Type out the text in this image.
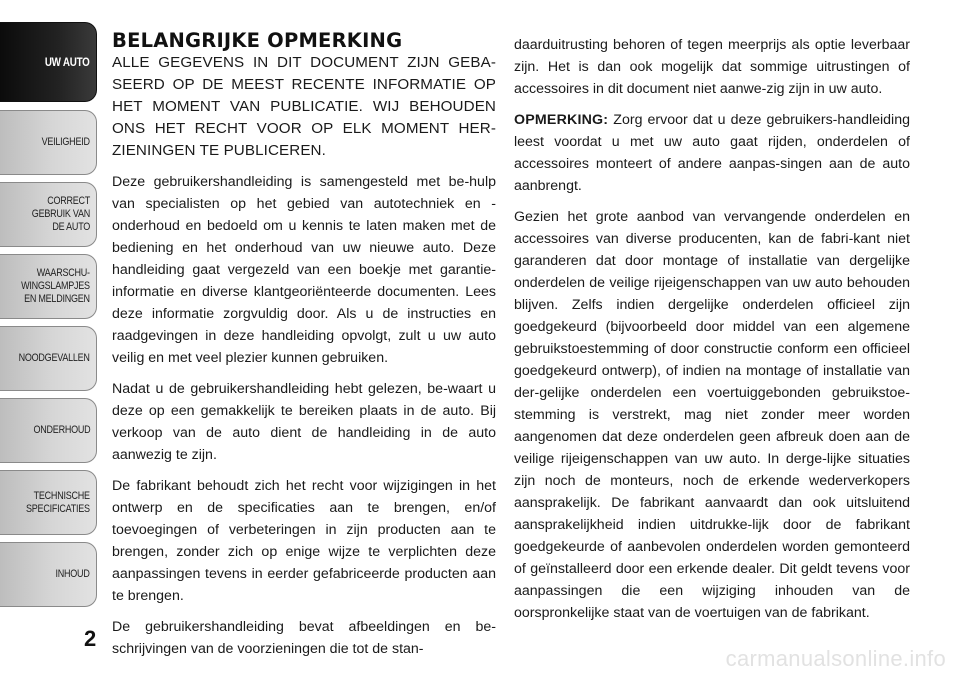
UW AUTO
VEILIGHEID
CORRECT
GEBRUIK VAN
DE AUTO
WAARSCHU-
WINGSLAMPJES
EN MELDINGEN
NOODGEVALLEN
ONDERHOUD
TECHNISCHE
SPECIFICATIES
INHOUD
2
BELANGRIJKE OPMERKING

ALLE GEGEVENS IN DIT DOCUMENT ZIJN GEBA-SEERD OP DE MEEST RECENTE INFORMATIE OP HET MOMENT VAN PUBLICATIE. WIJ BEHOUDEN ONS HET RECHT VOOR OP ELK MOMENT HER-ZIENINGEN TE PUBLICEREN.

Deze gebruikershandleiding is samengesteld met be-hulp van specialisten op het gebied van autotechniek en -onderhoud en bedoeld om u kennis te laten maken met de bediening en het onderhoud van uw nieuwe auto. Deze handleiding gaat vergezeld van een boekje met garantie-informatie en diverse klantgeoriënteerde documenten. Lees deze informatie zorgvuldig door. Als u de instructies en raadgevingen in deze handleiding opvolgt, zult u uw auto veilig en met veel plezier kunnen gebruiken.

Nadat u de gebruikershandleiding hebt gelezen, be-waart u deze op een gemakkelijk te bereiken plaats in de auto. Bij verkoop van de auto dient de handleiding in de auto aanwezig te zijn.

De fabrikant behoudt zich het recht voor wijzigingen in het ontwerp en de specificaties aan te brengen, en/of toevoegingen of verbeteringen in zijn producten aan te brengen, zonder zich op enige wijze te verplichten deze aanpassingen tevens in eerder gefabriceerde producten aan te brengen.

De gebruikershandleiding bevat afbeeldingen en be-schrijvingen van de voorzieningen die tot de stan-

daarduitrusting behoren of tegen meerprijs als optie leverbaar zijn. Het is dan ook mogelijk dat sommige uitrustingen of accessoires in dit document niet aanwe-zig zijn in uw auto.

OPMERKING: Zorg ervoor dat u deze gebruikers-handleiding leest voordat u met uw auto gaat rijden, onderdelen of accessoires monteert of andere aanpas-singen aan de auto aanbrengt.

Gezien het grote aanbod van vervangende onderdelen en accessoires van diverse producenten, kan de fabri-kant niet garanderen dat door montage of installatie van dergelijke onderdelen de veilige rijeigenschappen van uw auto behouden blijven. Zelfs indien dergelijke onderdelen officieel zijn goedgekeurd (bijvoorbeeld door middel van een algemene gebruikstoestemming of door constructie conform een officieel goedgekeurd ontwerp), of indien na montage of installatie van der-gelijke onderdelen een voertuiggebonden gebruikstoe-stemming is verstrekt, mag niet zonder meer worden aangenomen dat deze onderdelen geen afbreuk doen aan de veilige rijeigenschappen van uw auto. In derge-lijke situaties zijn noch de monteurs, noch de erkende wederverkopers aansprakelijk. De fabrikant aanvaardt dan ook uitsluitend aansprakelijkheid indien uitdrukke-lijk door de fabrikant goedgekeurde of aanbevolen onderdelen worden gemonteerd of geïnstalleerd door een erkende dealer. Dit geldt tevens voor aanpassingen die een wijziging inhouden van de oorspronkelijke staat van de voertuigen van de fabrikant.

carmanualsonline.info
